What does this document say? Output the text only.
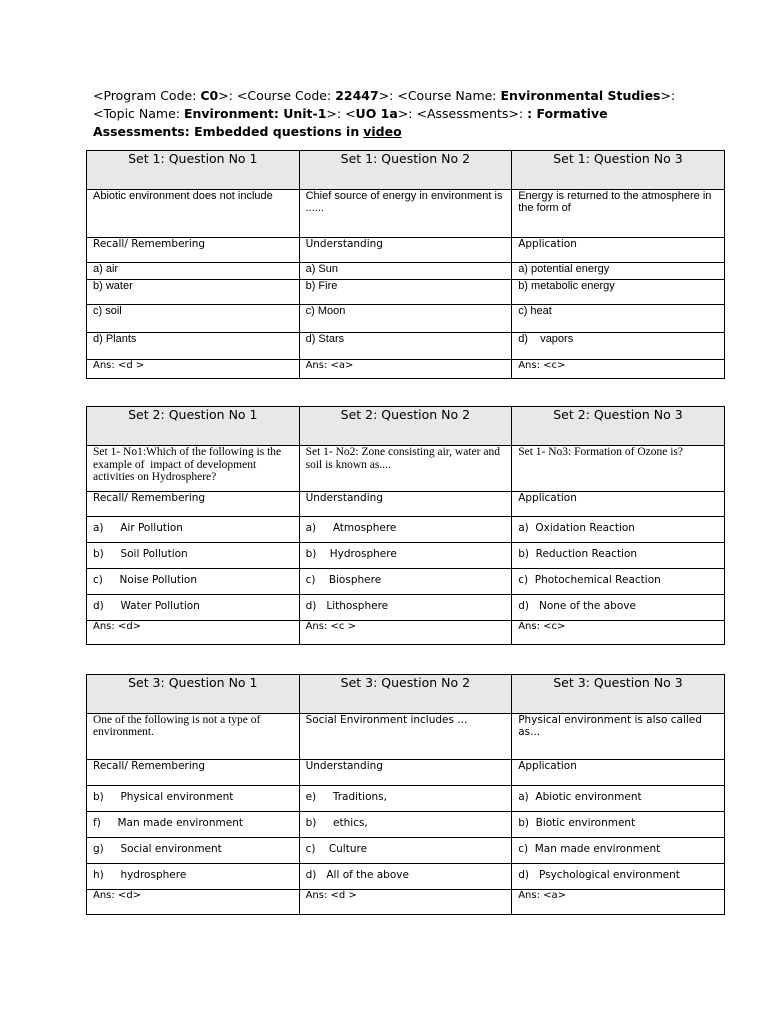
<Program Code: C0>: <Course Code: 22447>: <Course Name: Environmental Studies>: <Topic Name: Environment: Unit-1>: <UO 1a>: <Assessments>: : Formative Assessments: Embedded questions in video
Set 1: Question No 1	Set 1: Question No 2	Set 1: Question No 3
Abiotic environment does not include	Chief source of energy in environment is ......	Energy is returned to the atmosphere in the form of
Recall/ Remembering	Understanding	Application
a) air	a) Sun	a) potential energy
b) water	b) Fire	b) metabolic energy
c) soil	c) Moon	c) heat
d) Plants	d) Stars	d)    vapors
Ans: <d >	Ans: <a>	Ans: <c>
Set 2: Question No 1	Set 2: Question No 2	Set 2: Question No 3
Set 1- No1:Which of the following is the example of  impact of development activities on Hydrosphere?	Set 1- No2: Zone consisting air, water and soil is known as....	Set 1- No3: Formation of Ozone is?
Recall/ Remembering	Understanding	Application
a)     Air Pollution	a)     Atmosphere	a)  Oxidation Reaction
b)     Soil Pollution	b)    Hydrosphere	b)  Reduction Reaction
c)     Noise Pollution	c)    Biosphere	c)  Photochemical Reaction
d)     Water Pollution	d)   Lithosphere	d)   None of the above
Ans: <d>	Ans: <c >	Ans: <c>
Set 3: Question No 1	Set 3: Question No 2	Set 3: Question No 3
One of the following is not a type of environment.	Social Environment includes ...	Physical environment is also called as...
Recall/ Remembering	Understanding	Application
b)     Physical environment	e)     Traditions,	a)  Abiotic environment
f)     Man made environment	b)     ethics,	b)  Biotic environment
g)     Social environment	c)    Culture	c)  Man made environment
h)     hydrosphere	d)   All of the above	d)   Psychological environment
Ans: <d>	Ans: <d >	Ans: <a>
